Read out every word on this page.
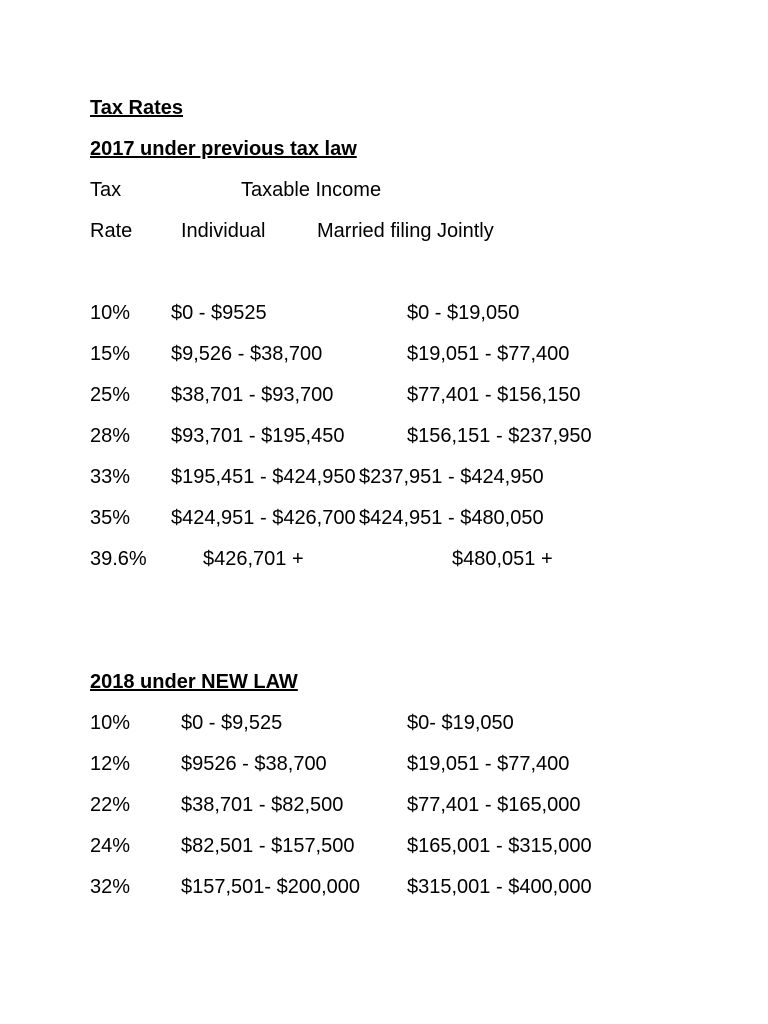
Tax Rates
2017 under previous tax law
Tax	Taxable Income
Rate Individual	Married filing Jointly
10% $0 - $9525	$0 - $19,050
15% $9,526 - $38,700	$19,051 - $77,400
25% $38,701 - $93,700	$77,401 - $156,150
28% $93,701 - $195,450	$156,151 - $237,950
33% $195,451 - $424,950 $237,951 - $424,950
35% $424,951 - $426,700 $424,951 - $480,050
39.6%	$426,701 +	$480,051 +
2018 under NEW LAW
10%	$0 - $9,525	$0- $19,050
12%	$9526 - $38,700	$19,051 - $77,400
22%	$38,701 - $82,500	$77,401 - $165,000
24%	$82,501 - $157,500	$165,001 - $315,000
32%	$157,501- $200,000 $315,001 - $400,000
